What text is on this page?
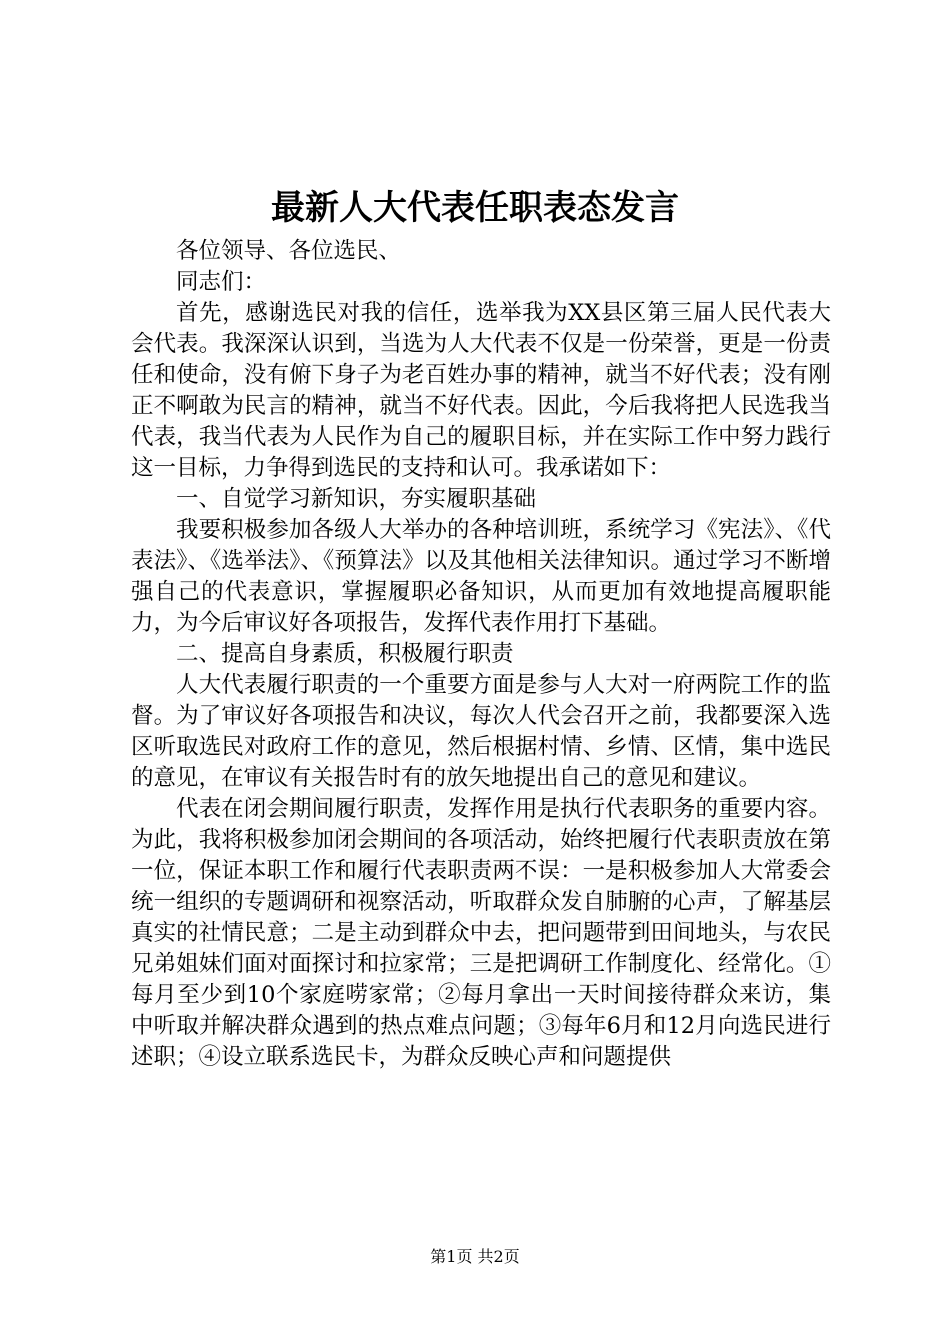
最新人大代表任职表态发言

各位领导、各位选民、

同志们：

首先，感谢选民对我的信任，选举我为XX县区第三届人民代表大会代表。我深深认识到，当选为人大代表不仅是一份荣誉，更是一份责任和使命，没有俯下身子为老百姓办事的精神，就当不好代表；没有刚正不啊敢为民言的精神，就当不好代表。因此，今后我将把人民选我当代表，我当代表为人民作为自己的履职目标，并在实际工作中努力践行这一目标，力争得到选民的支持和认可。我承诺如下：

一、自觉学习新知识，夯实履职基础

我要积极参加各级人大举办的各种培训班，系统学习《宪法》、《代表法》、《选举法》、《预算法》以及其他相关法律知识。通过学习不断增强自己的代表意识，掌握履职必备知识，从而更加有效地提高履职能力，为今后审议好各项报告，发挥代表作用打下基础。

二、提高自身素质，积极履行职责

人大代表履行职责的一个重要方面是参与人大对一府两院工作的监督。为了审议好各项报告和决议，每次人代会召开之前，我都要深入选区听取选民对政府工作的意见，然后根据村情、乡情、区情，集中选民的意见，在审议有关报告时有的放矢地提出自己的意见和建议。

代表在闭会期间履行职责，发挥作用是执行代表职务的重要内容。为此，我将积极参加闭会期间的各项活动，始终把履行代表职责放在第一位，保证本职工作和履行代表职责两不误：一是积极参加人大常委会统一组织的专题调研和视察活动，听取群众发自肺腑的心声，了解基层真实的社情民意；二是主动到群众中去，把问题带到田间地头，与农民兄弟姐妹们面对面探讨和拉家常；三是把调研工作制度化、经常化。①每月至少到10个家庭唠家常；②每月拿出一天时间接待群众来访，集中听取并解决群众遇到的热点难点问题；③每年6月和12月向选民进行述职；④设立联系选民卡，为群众反映心声和问题提供

第1页 共2页
